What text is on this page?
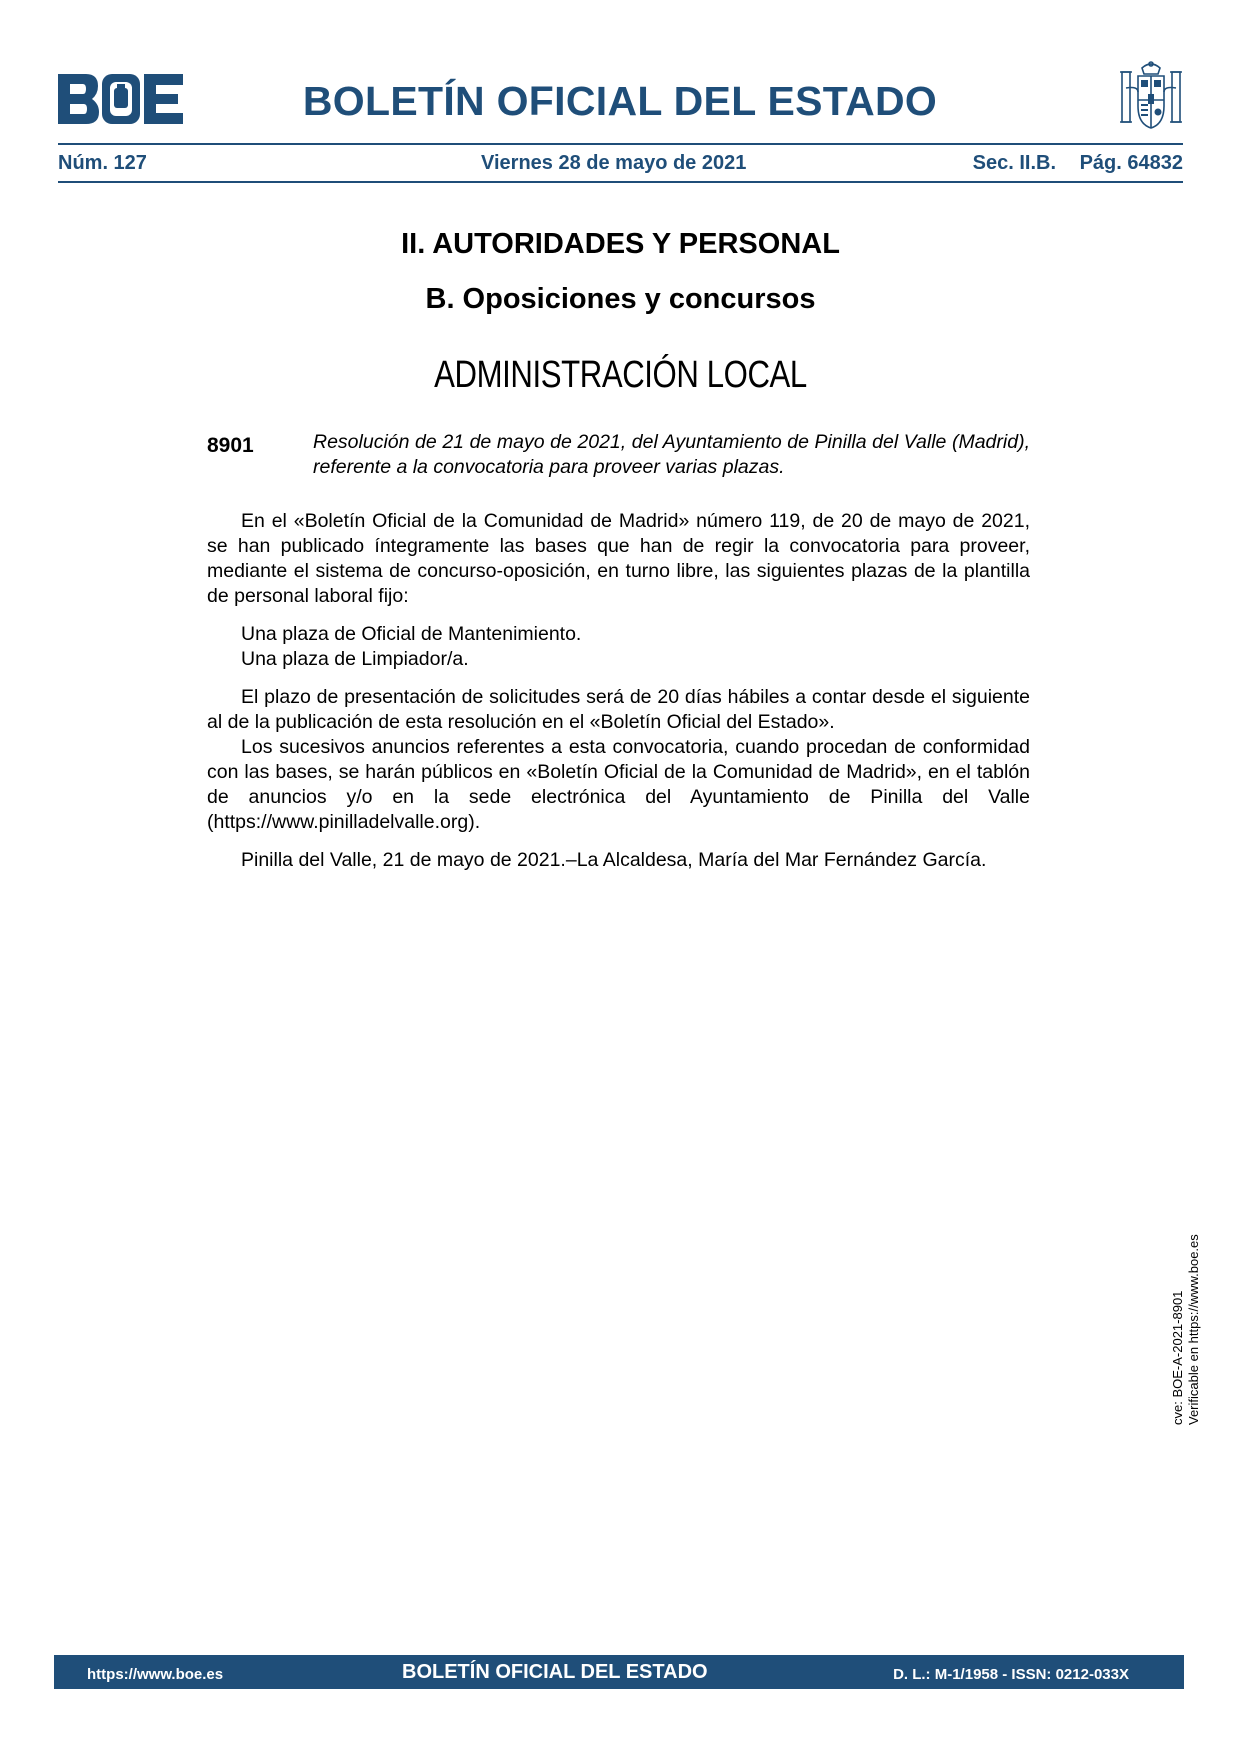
BOLETÍN OFICIAL DEL ESTADO
Núm. 127	Viernes 28 de mayo de 2021	Sec. II.B. Pág. 64832
II. AUTORIDADES Y PERSONAL
B. Oposiciones y concursos
ADMINISTRACIÓN LOCAL
8901	Resolución de 21 de mayo de 2021, del Ayuntamiento de Pinilla del Valle (Madrid), referente a la convocatoria para proveer varias plazas.

En el «Boletín Oficial de la Comunidad de Madrid» número 119, de 20 de mayo de 2021, se han publicado íntegramente las bases que han de regir la convocatoria para proveer, mediante el sistema de concurso-oposición, en turno libre, las siguientes plazas de la plantilla de personal laboral fijo:

Una plaza de Oficial de Mantenimiento.

Una plaza de Limpiador/a.

El plazo de presentación de solicitudes será de 20 días hábiles a contar desde el siguiente al de la publicación de esta resolución en el «Boletín Oficial del Estado».

Los sucesivos anuncios referentes a esta convocatoria, cuando procedan de conformidad con las bases, se harán públicos en «Boletín Oficial de la Comunidad de Madrid», en el tablón de anuncios y/o en la sede electrónica del Ayuntamiento de Pinilla del Valle (https://www.pinilladelvalle.org).

Pinilla del Valle, 21 de mayo de 2021.–La Alcaldesa, María del Mar Fernández García.

cve: BOE-A-2021-8901 Verificable en https://www.boe.es
https://www.boe.es	BOLETÍN OFICIAL DEL ESTADO	D. L.: M-1/1958 - ISSN: 0212-033X
